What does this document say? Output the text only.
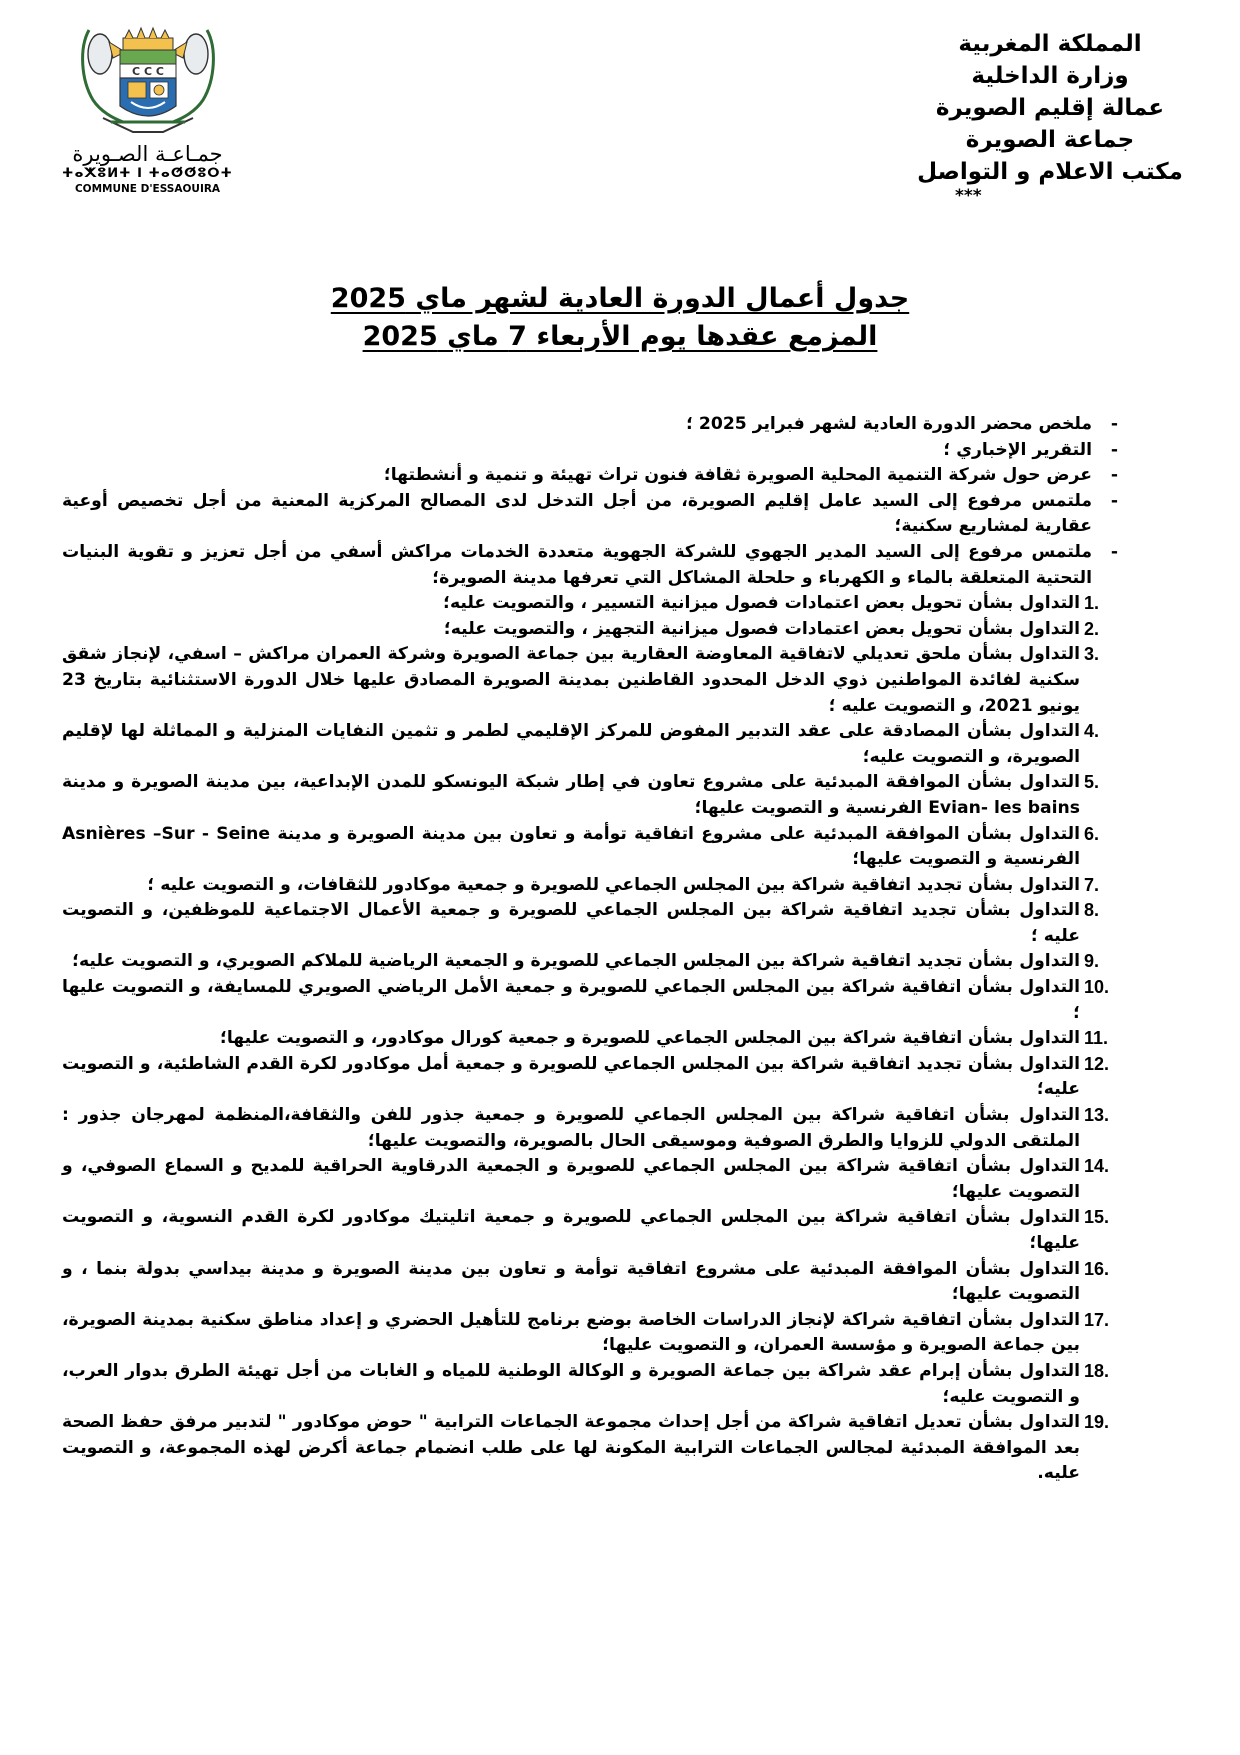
C C C
جمـاعـة الصـويرة
ⵜⴰⵅⵓⵍⵜ ⵏ ⵜⴰⵚⵚⵓⵔⵜ
COMMUNE D'ESSAOUIRA
المملكة المغربية
وزارة الداخلية
عمالة إقليم الصويرة
جماعة الصويرة
مكتب الاعلام و التواصل
***
جدول أعمال الدورة العادية لشهر ماي 2025
المزمع عقدها يوم الأربعاء 7 ماي 2025
- ملخص محضر الدورة العادية لشهر فبراير 2025 ؛
- التقرير الإخباري ؛
- عرض حول شركة التنمية المحلية الصويرة ثقافة فنون تراث تهيئة و تنمية و أنشطتها؛
- ملتمس مرفوع إلى السيد عامل إقليم الصويرة، من أجل التدخل لدى المصالح المركزية المعنية من أجل تخصيص أوعية عقارية لمشاريع سكنية؛
- ملتمس مرفوع إلى السيد المدير الجهوي للشركة الجهوية متعددة الخدمات مراكش أسفي من أجل تعزيز و تقوية البنيات التحتية المتعلقة بالماء و الكهرباء و حلحلة المشاكل التي تعرفها مدينة الصويرة؛
1.
التداول بشأن تحويل بعض اعتمادات فصول ميزانية التسيير ، والتصويت عليه؛
2.
التداول بشأن تحويل بعض اعتمادات فصول ميزانية التجهيز ، والتصويت عليه؛
3.
التداول بشأن ملحق تعديلي لاتفاقية المعاوضة العقارية بين جماعة الصويرة وشركة العمران مراكش – اسفي، لإنجاز شقق سكنية لفائدة المواطنين ذوي الدخل المحدود القاطنين بمدينة الصويرة المصادق عليها خلال الدورة الاستثنائية بتاريخ 23 يونيو 2021، و التصويت عليه ؛
4.
التداول بشأن المصادقة على عقد التدبير المفوض للمركز الإقليمي لطمر و تثمين النفايات المنزلية و المماثلة لها لإقليم الصويرة، و التصويت عليه؛
5.
التداول بشأن الموافقة المبدئية على مشروع تعاون في إطار شبكة اليونسكو للمدن الإبداعية، بين مدينة الصويرة و مدينة Evian- les bains الفرنسية و التصويت عليها؛
6.
التداول بشأن الموافقة المبدئية على مشروع اتفاقية توأمة و تعاون بين مدينة الصويرة و مدينة Asnières –Sur - Seine الفرنسية و التصويت عليها؛
7.
التداول بشأن تجديد اتفاقية شراكة بين المجلس الجماعي للصويرة و جمعية موكادور للثقافات، و التصويت عليه ؛
8.
التداول بشأن تجديد اتفاقية شراكة بين المجلس الجماعي للصويرة و جمعية الأعمال الاجتماعية للموظفين، و التصويت عليه ؛
9.
التداول بشأن تجديد اتفاقية شراكة بين المجلس الجماعي للصويرة و الجمعية الرياضية للملاكم الصويري، و التصويت عليه؛
10.
التداول بشأن اتفاقية شراكة بين المجلس الجماعي للصويرة و جمعية الأمل الرياضي الصويري للمسايفة، و التصويت عليها ؛
11.
التداول بشأن اتفاقية شراكة بين المجلس الجماعي للصويرة و جمعية كورال موكادور، و التصويت عليها؛
12.
التداول بشأن تجديد اتفاقية شراكة بين المجلس الجماعي للصويرة و جمعية أمل موكادور لكرة القدم الشاطئية، و التصويت عليه؛
13.
التداول بشأن اتفاقية شراكة بين المجلس الجماعي للصويرة و جمعية جذور للفن والثقافة،المنظمة لمهرجان جذور : الملتقى الدولي للزوايا والطرق الصوفية وموسيقى الحال بالصويرة، والتصويت عليها؛
14.
التداول بشأن اتفاقية شراكة بين المجلس الجماعي للصويرة و الجمعية الدرقاوية الحراقية للمديح و السماع الصوفي، و التصويت عليها؛
15.
التداول بشأن اتفاقية شراكة بين المجلس الجماعي للصويرة و جمعية اتليتيك موكادور لكرة القدم النسوية، و التصويت عليها؛
16.
التداول بشأن الموافقة المبدئية على مشروع اتفاقية توأمة و تعاون بين مدينة الصويرة و مدينة بيداسي بدولة بنما ، و التصويت عليها؛
17.
التداول بشأن اتفاقية شراكة لإنجاز الدراسات الخاصة بوضع برنامج للتأهيل الحضري و إعداد مناطق سكنية بمدينة الصويرة، بين جماعة الصويرة و مؤسسة العمران، و التصويت عليها؛
18.
التداول بشأن إبرام عقد شراكة بين جماعة الصويرة و الوكالة الوطنية للمياه و الغابات من أجل تهيئة الطرق بدوار العرب، و التصويت عليه؛
19.
التداول بشأن تعديل اتفاقية شراكة من أجل إحداث مجموعة الجماعات الترابية " حوض موكادور " لتدبير مرفق حفظ الصحة بعد الموافقة المبدئية لمجالس الجماعات الترابية المكونة لها على طلب انضمام جماعة أكرض لهذه المجموعة، و التصويت عليه.
